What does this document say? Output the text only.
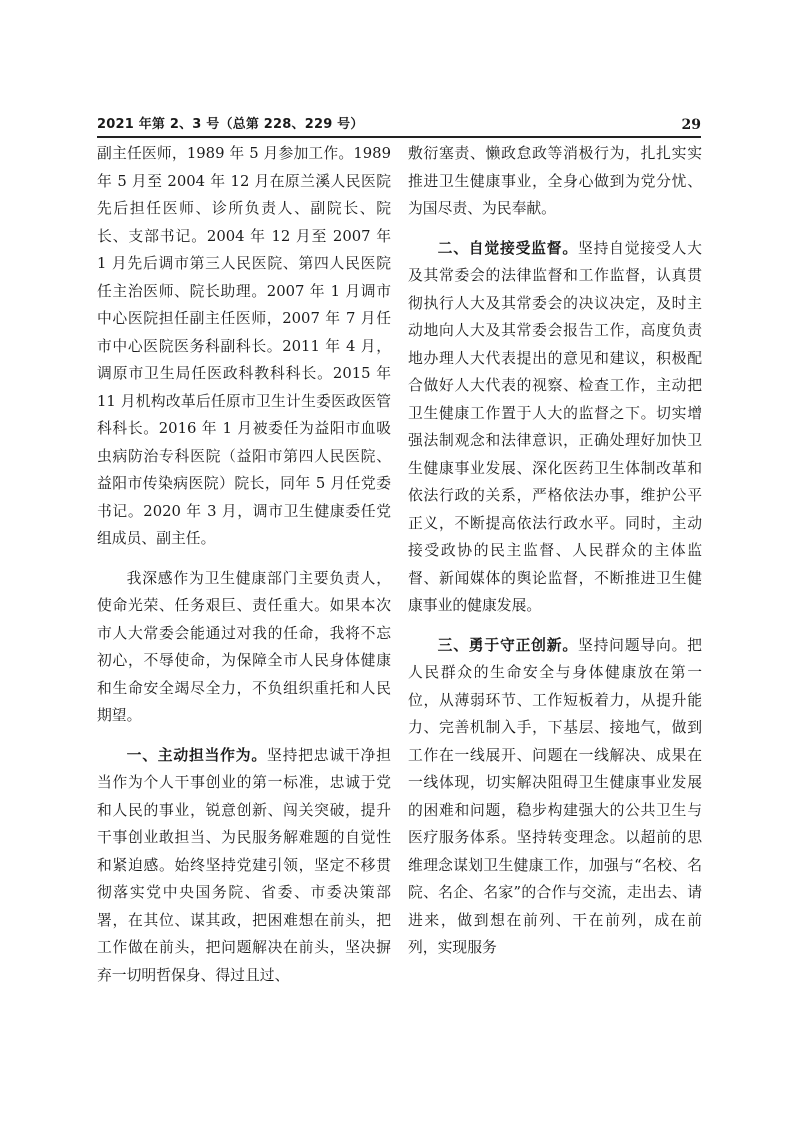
2021 年第 2、3 号（总第 228、229 号）	29

副主任医师，1989 年 5 月参加工作。1989 年 5 月至 2004 年 12 月在原兰溪人民医院先后担任医师、诊所负责人、副院长、院长、支部书记。2004 年 12 月至 2007 年 1 月先后调市第三人民医院、第四人民医院任主治医师、院长助理。2007 年 1 月调市中心医院担任副主任医师，2007 年 7 月任市中心医院医务科副科长。2011 年 4 月，调原市卫生局任医政科教科科长。2015 年 11 月机构改革后任原市卫生计生委医政医管科科长。2016 年 1 月被委任为益阳市血吸虫病防治专科医院（益阳市第四人民医院、益阳市传染病医院）院长，同年 5 月任党委书记。2020 年 3 月，调市卫生健康委任党组成员、副主任。

我深感作为卫生健康部门主要负责人，使命光荣、任务艰巨、责任重大。如果本次市人大常委会能通过对我的任命，我将不忘初心，不辱使命，为保障全市人民身体健康和生命安全竭尽全力，不负组织重托和人民期望。

一、主动担当作为。坚持把忠诚干净担当作为个人干事创业的第一标准，忠诚于党和人民的事业，锐意创新、闯关突破，提升干事创业敢担当、为民服务解难题的自觉性和紧迫感。始终坚持党建引领，坚定不移贯彻落实党中央国务院、省委、市委决策部署，在其位、谋其政，把困难想在前头，把工作做在前头，把问题解决在前头，坚决摒弃一切明哲保身、得过且过、

敷衍塞责、懒政怠政等消极行为，扎扎实实推进卫生健康事业，全身心做到为党分忧、为国尽责、为民奉献。

二、自觉接受监督。坚持自觉接受人大及其常委会的法律监督和工作监督，认真贯彻执行人大及其常委会的决议决定，及时主动地向人大及其常委会报告工作，高度负责地办理人大代表提出的意见和建议，积极配合做好人大代表的视察、检查工作，主动把卫生健康工作置于人大的监督之下。切实增强法制观念和法律意识，正确处理好加快卫生健康事业发展、深化医药卫生体制改革和依法行政的关系，严格依法办事，维护公平正义，不断提高依法行政水平。同时，主动接受政协的民主监督、人民群众的主体监督、新闻媒体的舆论监督，不断推进卫生健康事业的健康发展。

三、勇于守正创新。坚持问题导向。把人民群众的生命安全与身体健康放在第一位，从薄弱环节、工作短板着力，从提升能力、完善机制入手，下基层、接地气，做到工作在一线展开、问题在一线解决、成果在一线体现，切实解决阻碍卫生健康事业发展的困难和问题，稳步构建强大的公共卫生与医疗服务体系。坚持转变理念。以超前的思维理念谋划卫生健康工作，加强与“名校、名院、名企、名家”的合作与交流，走出去、请进来，做到想在前列、干在前列，成在前列，实现服务
